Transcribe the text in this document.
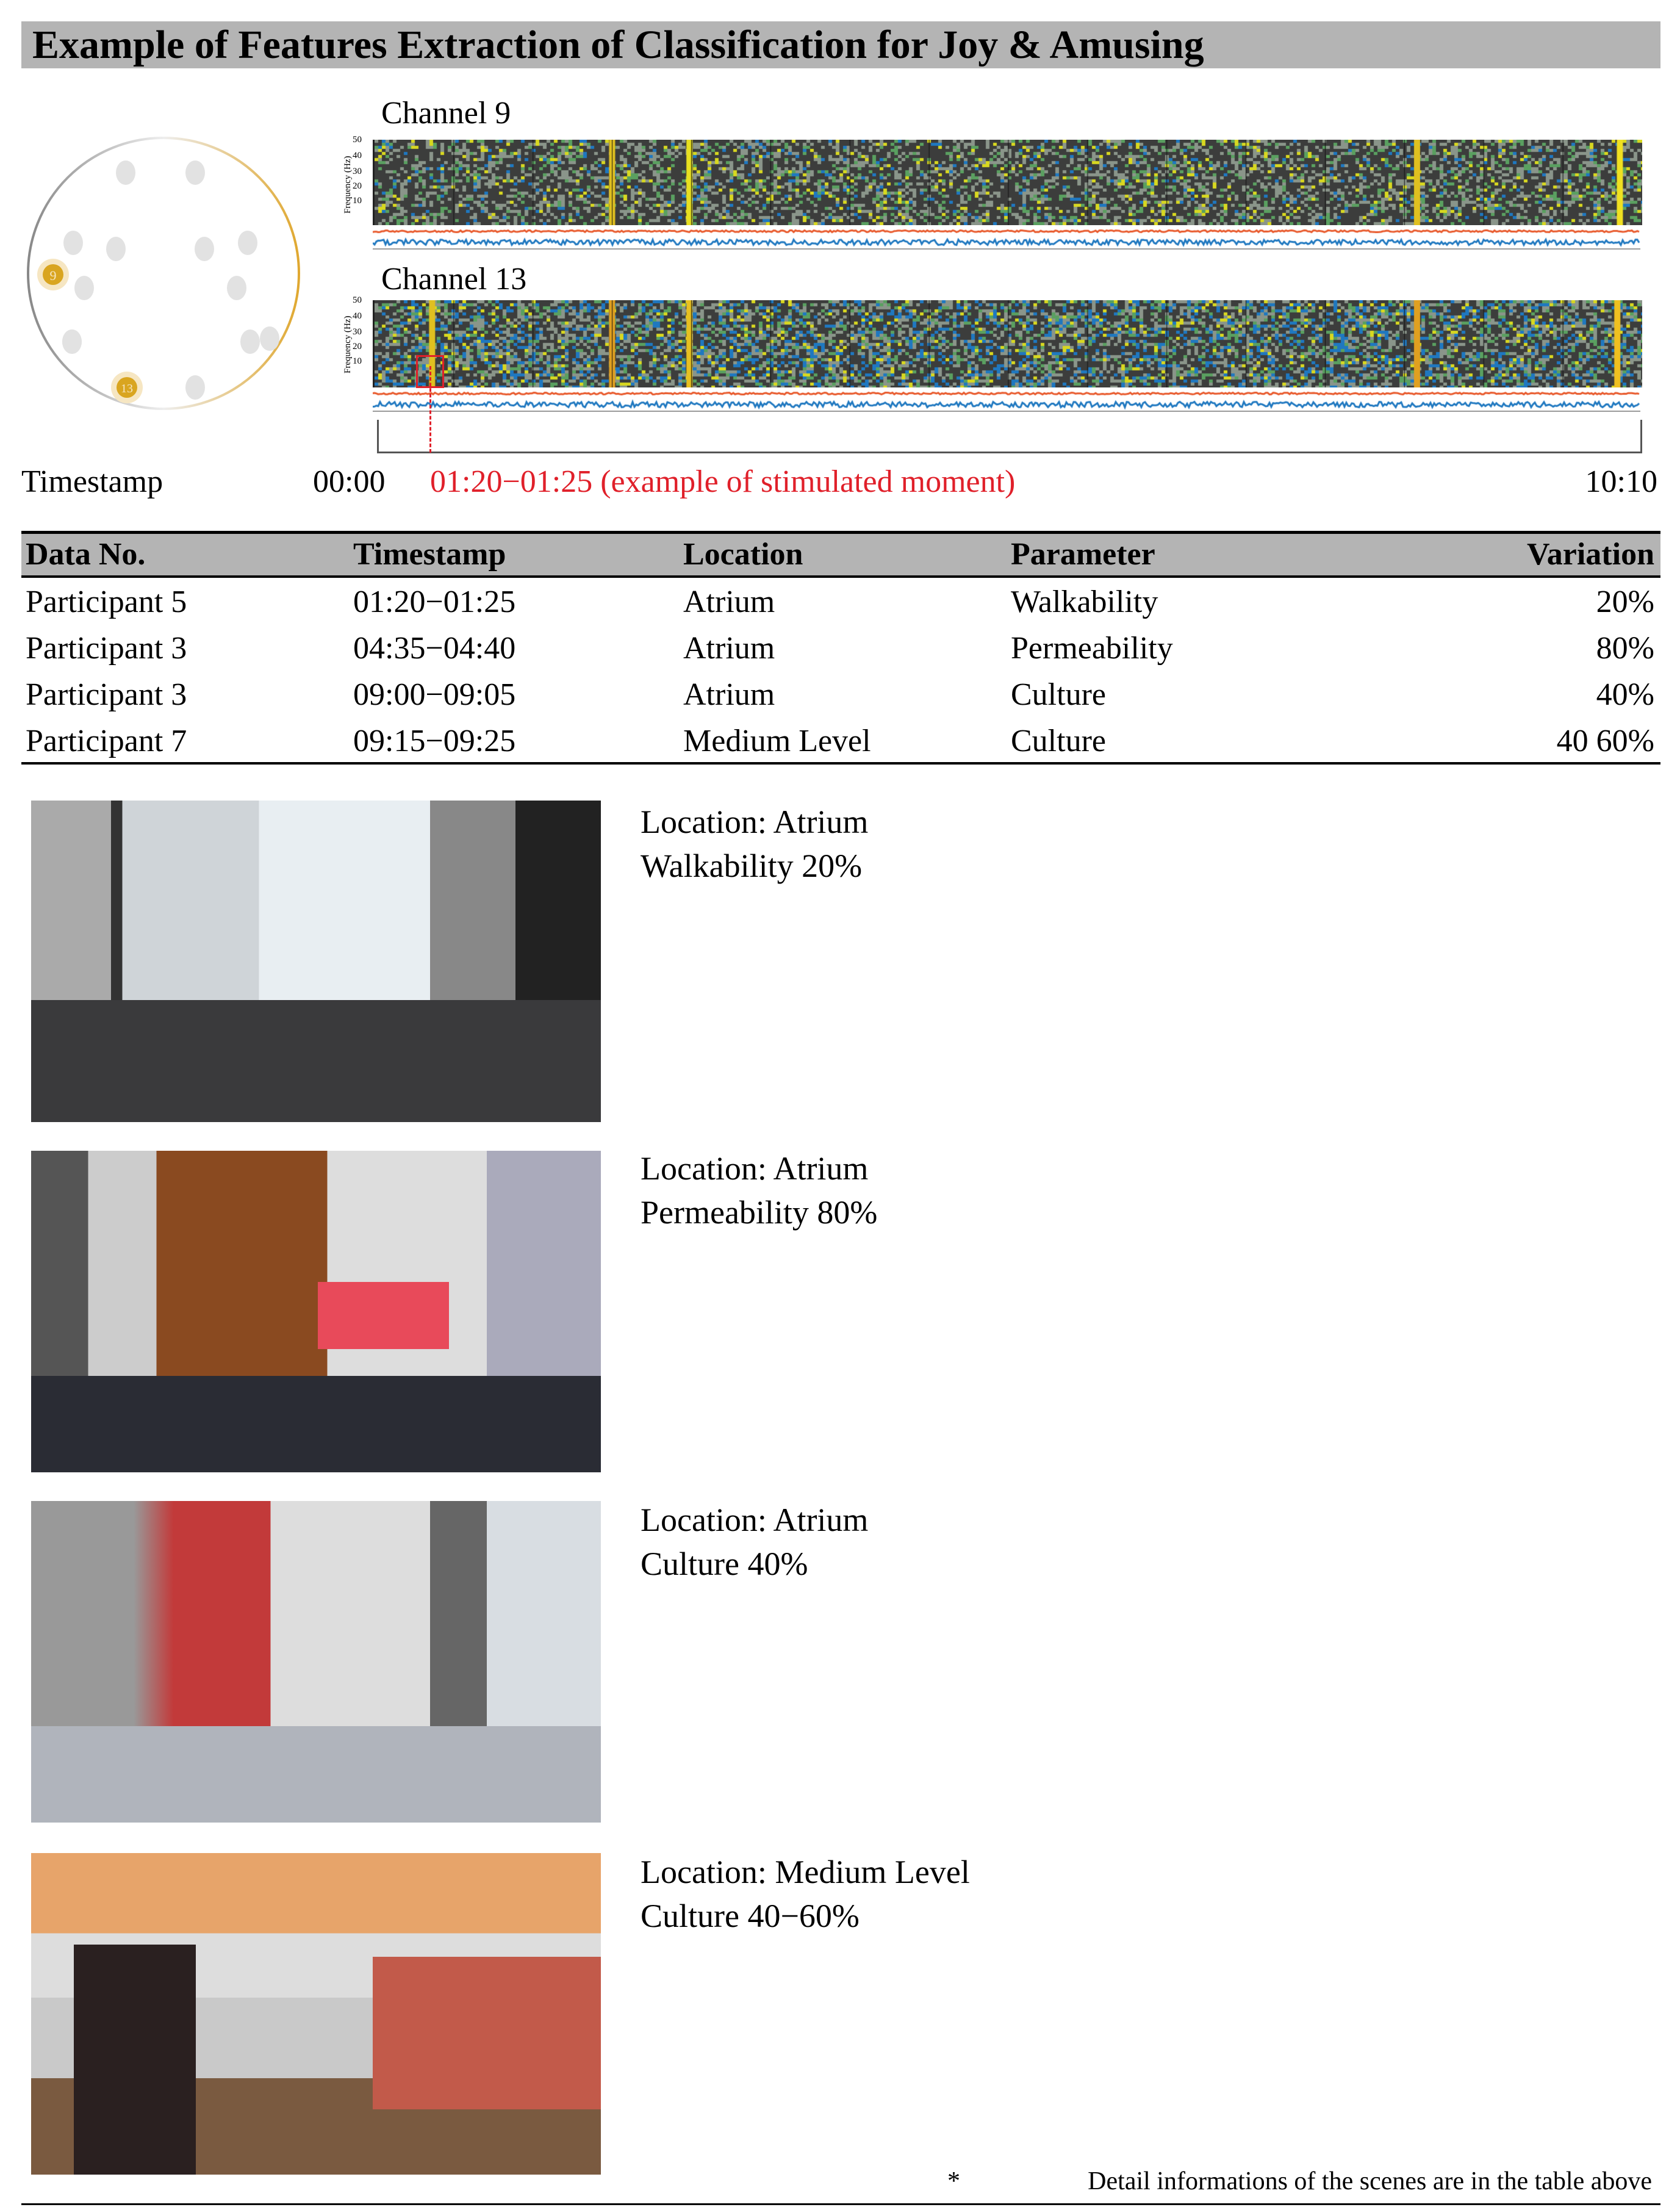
Example of Features Extraction of Classification for Joy & Amusing
9
13
Channel 9
Frequency (Hz)
50
40
30
20
10
Channel 13
Frequency (Hz)
50
40
30
20
10
Timestamp	00:00 01:20−01:25 (example of stimulated moment)	10:10
Data No.	Timestamp	Location	Parameter	Variation
Participant 5	01:20−01:25	Atrium	Walkability	20%
Participant 3	04:35−04:40	Atrium	Permeability	80%
Participant 3	09:00−09:05	Atrium	Culture	40%
Participant 7	09:15−09:25	Medium Level	Culture	40 60%
Location: Atrium
Walkability 20%
Location: Atrium
Permeability 80%
Location: Atrium
Culture 40%
Location: Medium Level
Culture 40−60%
*	Detail informations of the scenes are in the table above
